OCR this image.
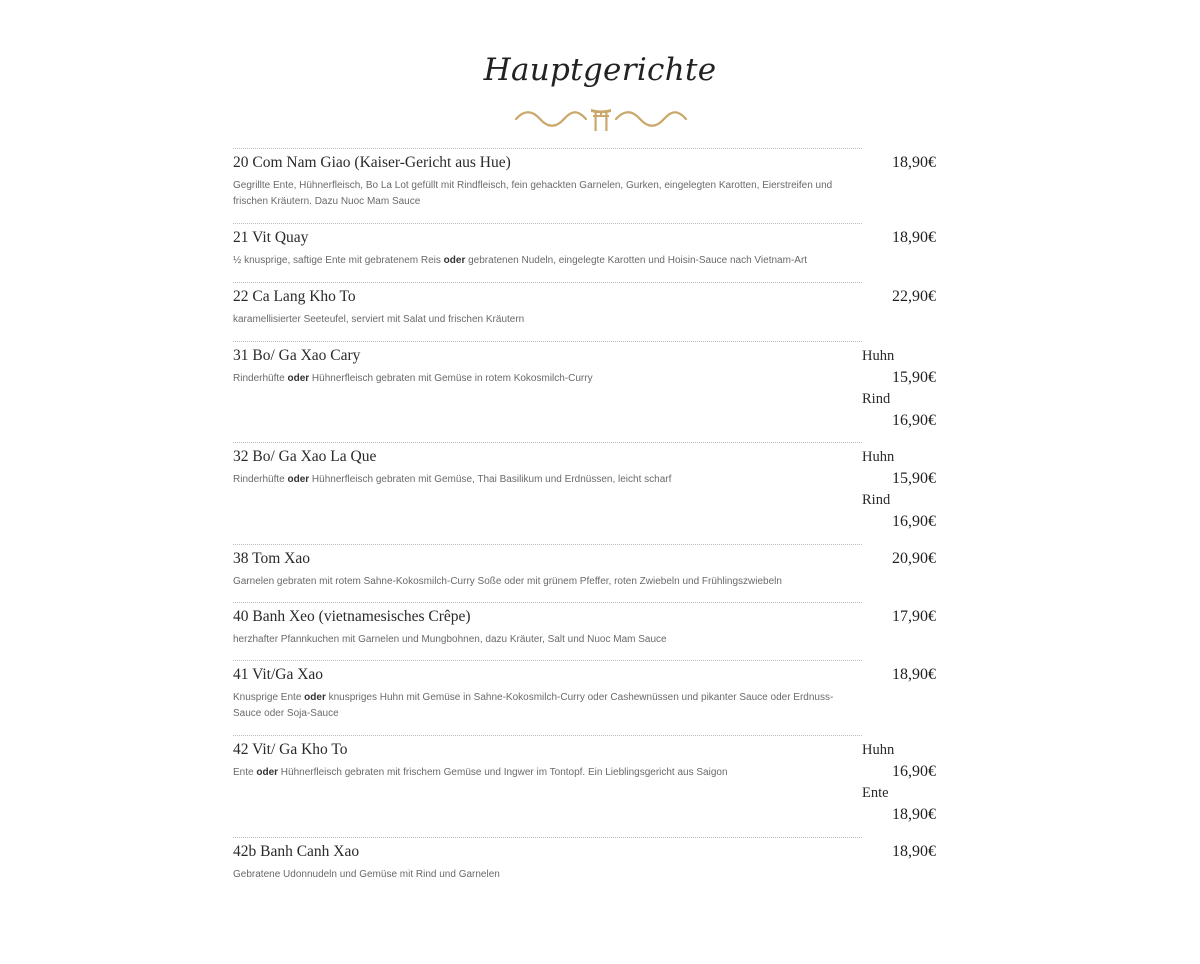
Hauptgerichte
20 Com Nam Giao (Kaiser-Gericht aus Hue)
Gegrillte Ente, Hühnerfleisch, Bo La Lot gefüllt mit Rindfleisch, fein gehackten Garnelen, Gurken, eingelegten Karotten, Eierstreifen und frischen Kräutern. Dazu Nuoc Mam Sauce
18,90€
21 Vit Quay
½ knusprige, saftige Ente mit gebratenem Reis oder gebratenen Nudeln, eingelegte Karotten und Hoisin-Sauce nach Vietnam-Art
18,90€
22 Ca Lang Kho To
karamellisierter Seeteufel, serviert mit Salat und frischen Kräutern
22,90€
31 Bo/ Ga Xao Cary
Rinderhüfte oder Hühnerfleisch gebraten mit Gemüse in rotem Kokosmilch-Curry
Huhn
15,90€
Rind
16,90€
32 Bo/ Ga Xao La Que
Rinderhüfte oder Hühnerfleisch gebraten mit Gemüse, Thai Basilikum und Erdnüssen, leicht scharf
Huhn
15,90€
Rind
16,90€
38 Tom Xao
Garnelen gebraten mit rotem Sahne-Kokosmilch-Curry Soße oder mit grünem Pfeffer, roten Zwiebeln und Frühlingszwiebeln
20,90€
40 Banh Xeo (vietnamesisches Crêpe)
herzhafter Pfannkuchen mit Garnelen und Mungbohnen, dazu Kräuter, Salt und Nuoc Mam Sauce
17,90€
41 Vit/Ga Xao
Knusprige Ente oder knuspriges Huhn mit Gemüse in Sahne-Kokosmilch-Curry oder Cashewnüssen und pikanter Sauce oder Erdnuss-Sauce oder Soja-Sauce
18,90€
42 Vit/ Ga Kho To
Ente oder Hühnerfleisch gebraten mit frischem Gemüse und Ingwer im Tontopf. Ein Lieblingsgericht aus Saigon
Huhn
16,90€
Ente
18,90€
42b Banh Canh Xao
Gebratene Udonnudeln und Gemüse mit Rind und Garnelen
18,90€
